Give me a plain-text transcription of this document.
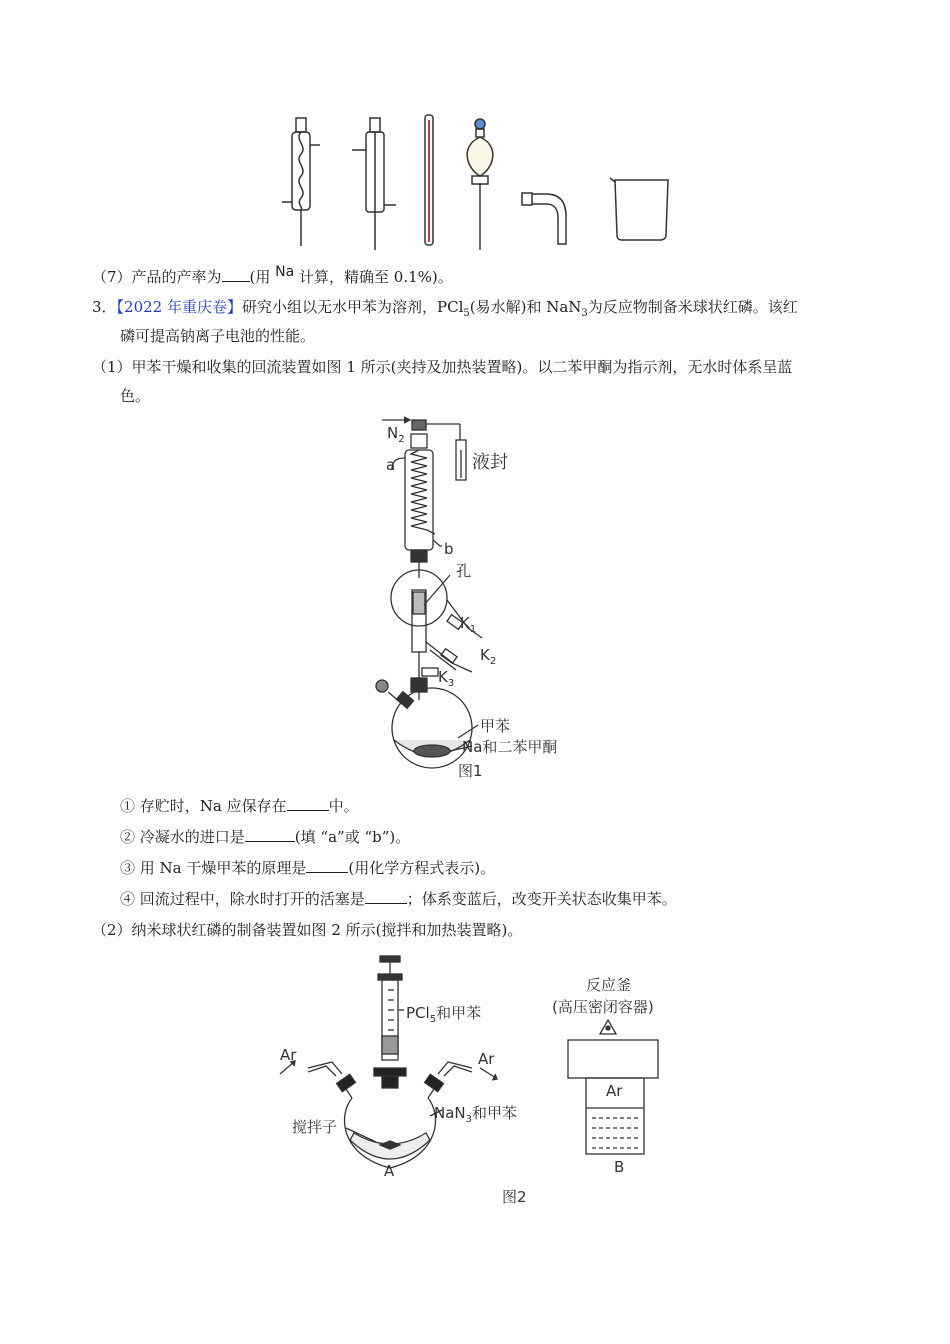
（7）产品的产率为 (用 Na 计算，精确至 0.1%)。
3．【2022 年重庆卷】研究小组以无水甲苯为溶剂，PCl$_5$(易水解)和 NaN$_3$为反应物制备米球状红磷。该红
磷可提高钠离子电池的性能。
（1）甲苯干燥和收集的回流装置如图 1 所示(夹持及加热装置略)。以二苯甲酮为指示剂，无水时体系呈蓝
色。
$N_2$
a
b
液封
孔
$K_1$
$K_2$
$K_3$
甲苯
Na和二苯甲酮
图1
① 存贮时，Na 应保存在	中。
② 冷凝水的进口是	(填 “a”或 “b”)。
③ 用 Na 干燥甲苯的原理是	(用化学方程式表示)。
④ 回流过程中，除水时打开的活塞是	；体系变蓝后，改变开关状态收集甲苯。
（2）纳米球状红磷的制备装置如图 2 所示(搅拌和加热装置略)。
PCl$_5$和甲苯
Ar	Ar
搅拌子
NaN$_3$和甲苯
A
反应釜
(高压密闭容器)
Ar
B
图2
